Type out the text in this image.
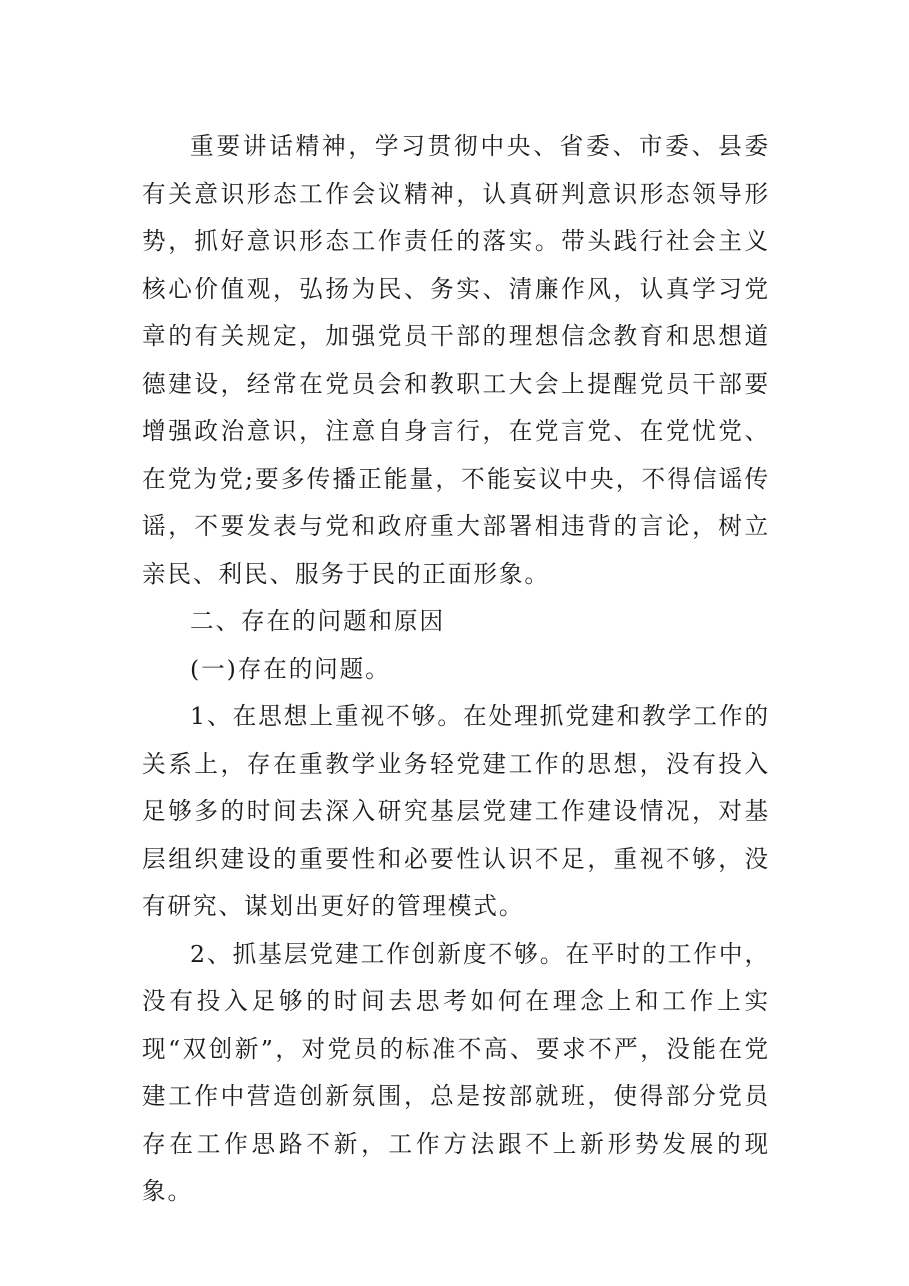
重要讲话精神，学习贯彻中央、省委、市委、县委有关意识形态工作会议精神，认真研判意识形态领导形势，抓好意识形态工作责任的落实。带头践行社会主义核心价值观，弘扬为民、务实、清廉作风，认真学习党章的有关规定，加强党员干部的理想信念教育和思想道德建设，经常在党员会和教职工大会上提醒党员干部要增强政治意识，注意自身言行，在党言党、在党忧党、在党为党;要多传播正能量，不能妄议中央，不得信谣传谣，不要发表与党和政府重大部署相违背的言论，树立亲民、利民、服务于民的正面形象。

二、存在的问题和原因

(一)存在的问题。

1、在思想上重视不够。在处理抓党建和教学工作的关系上，存在重教学业务轻党建工作的思想，没有投入足够多的时间去深入研究基层党建工作建设情况，对基层组织建设的重要性和必要性认识不足，重视不够，没有研究、谋划出更好的管理模式。

2、抓基层党建工作创新度不够。在平时的工作中，没有投入足够的时间去思考如何在理念上和工作上实现“双创新”，对党员的标准不高、要求不严，没能在党建工作中营造创新氛围，总是按部就班，使得部分党员存在工作思路不新，工作方法跟不上新形势发展的现象。
